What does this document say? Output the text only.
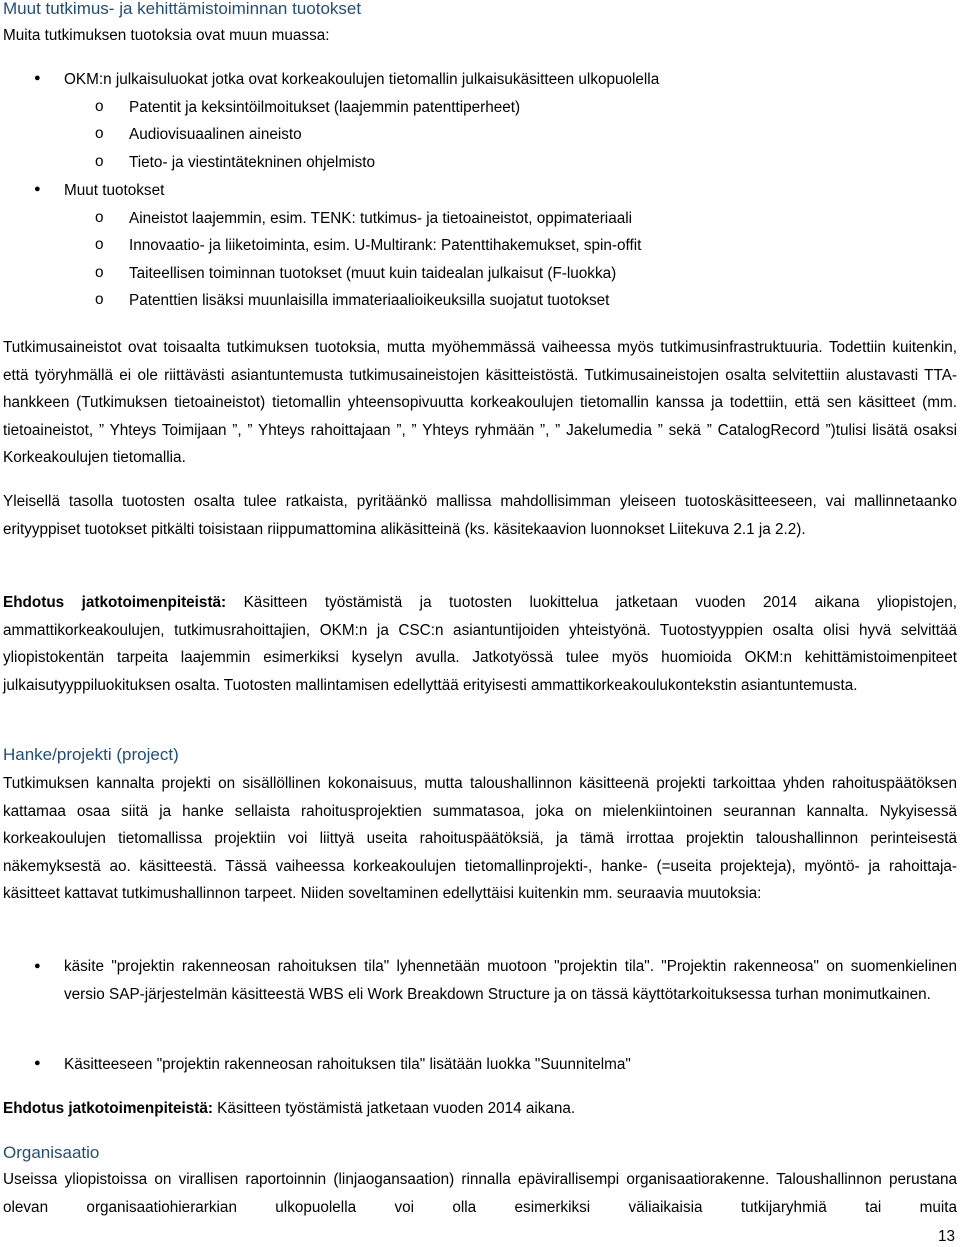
Muut tutkimus- ja kehittämistoiminnan tuotokset
Muita tutkimuksen tuotoksia ovat muun muassa:
● OKM:n julkaisuluokat jotka ovat korkeakoulujen tietomallin julkaisukäsitteen ulkopuolella
o Patentit ja keksintöilmoitukset (laajemmin patenttiperheet)
o Audiovisuaalinen aineisto
o Tieto- ja viestintätekninen ohjelmisto
● Muut tuotokset
o Aineistot laajemmin, esim. TENK: tutkimus- ja tietoaineistot, oppimateriaali
o Innovaatio- ja liiketoiminta, esim. U-Multirank: Patenttihakemukset, spin-offit
o Taiteellisen toiminnan tuotokset (muut kuin taidealan julkaisut (F-luokka)
o Patenttien lisäksi muunlaisilla immateriaalioikeuksilla suojatut tuotokset

Tutkimusaineistot ovat toisaalta tutkimuksen tuotoksia, mutta myöhemmässä vaiheessa myös tutkimusinfrastruktuuria. Todettiin kuitenkin, että työryhmällä ei ole riittävästi asiantuntemusta tutkimusaineistojen käsitteistöstä. Tutkimusaineistojen osalta selvitettiin alustavasti TTA-hankkeen (Tutkimuksen tietoaineistot) tietomallin yhteensopivuutta korkeakoulujen tietomallin kanssa ja todettiin, että sen käsitteet (mm. tietoaineistot, ” Yhteys Toimijaan ”, ” Yhteys rahoittajaan ”, ” Yhteys ryhmään ”, ” Jakelumedia ” sekä ” CatalogRecord ”)tulisi lisätä osaksi Korkeakoulujen tietomallia.

Yleisellä tasolla tuotosten osalta tulee ratkaista, pyritäänkö mallissa mahdollisimman yleiseen tuotoskäsitteeseen, vai mallinnetaanko erityyppiset tuotokset pitkälti toisistaan riippumattomina alikäsitteinä (ks. käsitekaavion luonnokset Liitekuva 2.1 ja 2.2).

Ehdotus jatkotoimenpiteistä: Käsitteen työstämistä ja tuotosten luokittelua jatketaan vuoden 2014 aikana yliopistojen, ammattikorkeakoulujen, tutkimusrahoittajien, OKM:n ja CSC:n asiantuntijoiden yhteistyönä. Tuotostyyppien osalta olisi hyvä selvittää yliopistokentän tarpeita laajemmin esimerkiksi kyselyn avulla. Jatkotyössä tulee myös huomioida OKM:n kehittämistoimenpiteet julkaisutyyppiluokituksen osalta. Tuotosten mallintamisen edellyttää erityisesti ammattikorkeakoulukontekstin asiantuntemusta.

Hanke/projekti (project)

Tutkimuksen kannalta projekti on sisällöllinen kokonaisuus, mutta taloushallinnon käsitteenä projekti tarkoittaa yhden rahoituspäätöksen kattamaa osaa siitä ja hanke sellaista rahoitusprojektien summatasoa, joka on mielenkiintoinen seurannan kannalta. Nykyisessä korkeakoulujen tietomallissa projektiin voi liittyä useita rahoituspäätöksiä, ja tämä irrottaa projektin taloushallinnon perinteisestä näkemyksestä ao. käsitteestä. Tässä vaiheessa korkeakoulujen tietomallinprojekti-, hanke- (=useita projekteja), myöntö- ja rahoittaja-käsitteet kattavat tutkimushallinnon tarpeet. Niiden soveltaminen edellyttäisi kuitenkin mm. seuraavia muutoksia:

● käsite "projektin rakenneosan rahoituksen tila" lyhennetään muotoon "projektin tila". "Projektin rakenneosa" on suomenkielinen versio SAP-järjestelmän käsitteestä WBS eli Work Breakdown Structure ja on tässä käyttötarkoituksessa turhan monimutkainen.

● Käsitteeseen "projektin rakenneosan rahoituksen tila" lisätään luokka "Suunnitelma"
Ehdotus jatkotoimenpiteistä: Käsitteen työstämistä jatketaan vuoden 2014 aikana.
Organisaatio

Useissa yliopistoissa on virallisen raportoinnin (linjaogansaation) rinnalla epävirallisempi organisaatiorakenne. Taloushallinnon perustana olevan organisaatiohierarkian ulkopuolella voi olla esimerkiksi väliaikaisia tutkijaryhmiä tai muita

13
